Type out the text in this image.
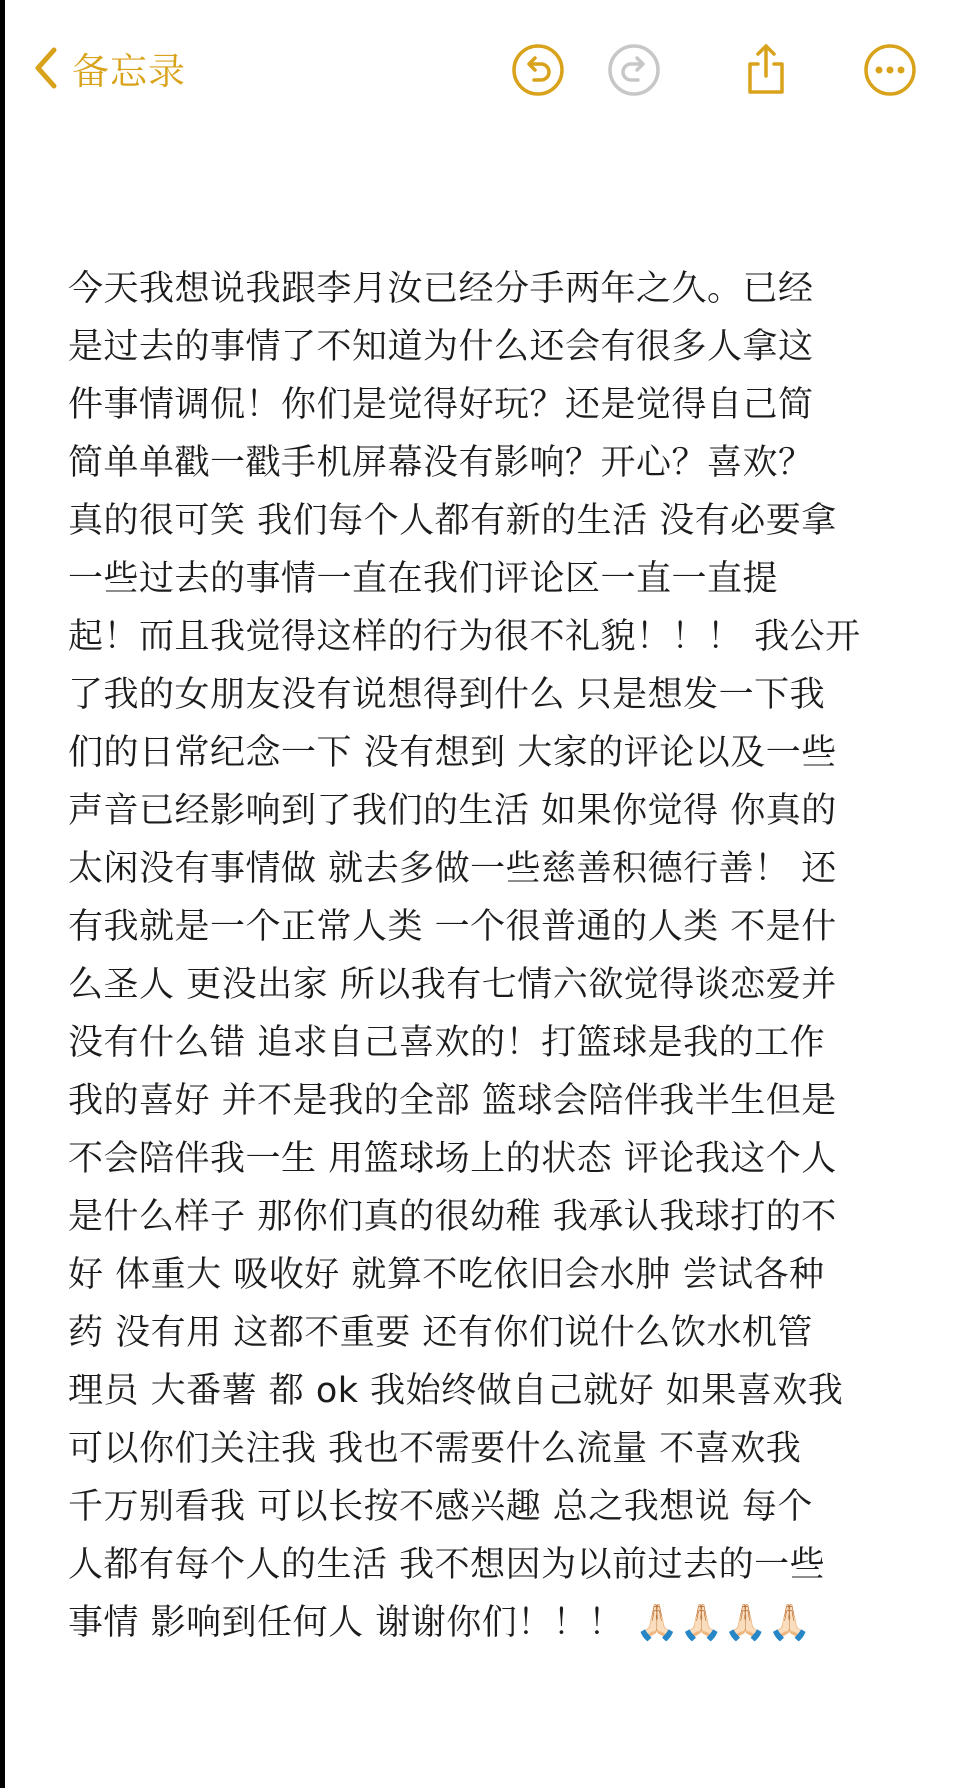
备忘录
今天我想说我跟李月汝已经分手两年之久。已经
是过去的事情了不知道为什么还会有很多人拿这
件事情调侃！你们是觉得好玩？还是觉得自己简
简单单戳一戳手机屏幕没有影响？开心？喜欢？
真的很可笑 我们每个人都有新的生活 没有必要拿
一些过去的事情一直在我们评论区一直一直提
起！而且我觉得这样的行为很不礼貌！！！ 我公开
了我的女朋友没有说想得到什么 只是想发一下我
们的日常纪念一下 没有想到 大家的评论以及一些
声音已经影响到了我们的生活 如果你觉得 你真的
太闲没有事情做 就去多做一些慈善积德行善！ 还
有我就是一个正常人类 一个很普通的人类 不是什
么圣人 更没出家 所以我有七情六欲觉得谈恋爱并
没有什么错 追求自己喜欢的！打篮球是我的工作
我的喜好 并不是我的全部 篮球会陪伴我半生但是
不会陪伴我一生 用篮球场上的状态 评论我这个人
是什么样子 那你们真的很幼稚 我承认我球打的不
好 体重大 吸收好 就算不吃依旧会水肿 尝试各种
药 没有用 这都不重要 还有你们说什么饮水机管
理员 大番薯 都 ok 我始终做自己就好 如果喜欢我
可以你们关注我 我也不需要什么流量 不喜欢我
千万别看我 可以长按不感兴趣 总之我想说 每个
人都有每个人的生活 我不想因为以前过去的一些
事情 影响到任何人 谢谢你们！！！ 🙏🏻🙏🏻🙏🏻🙏🏻
